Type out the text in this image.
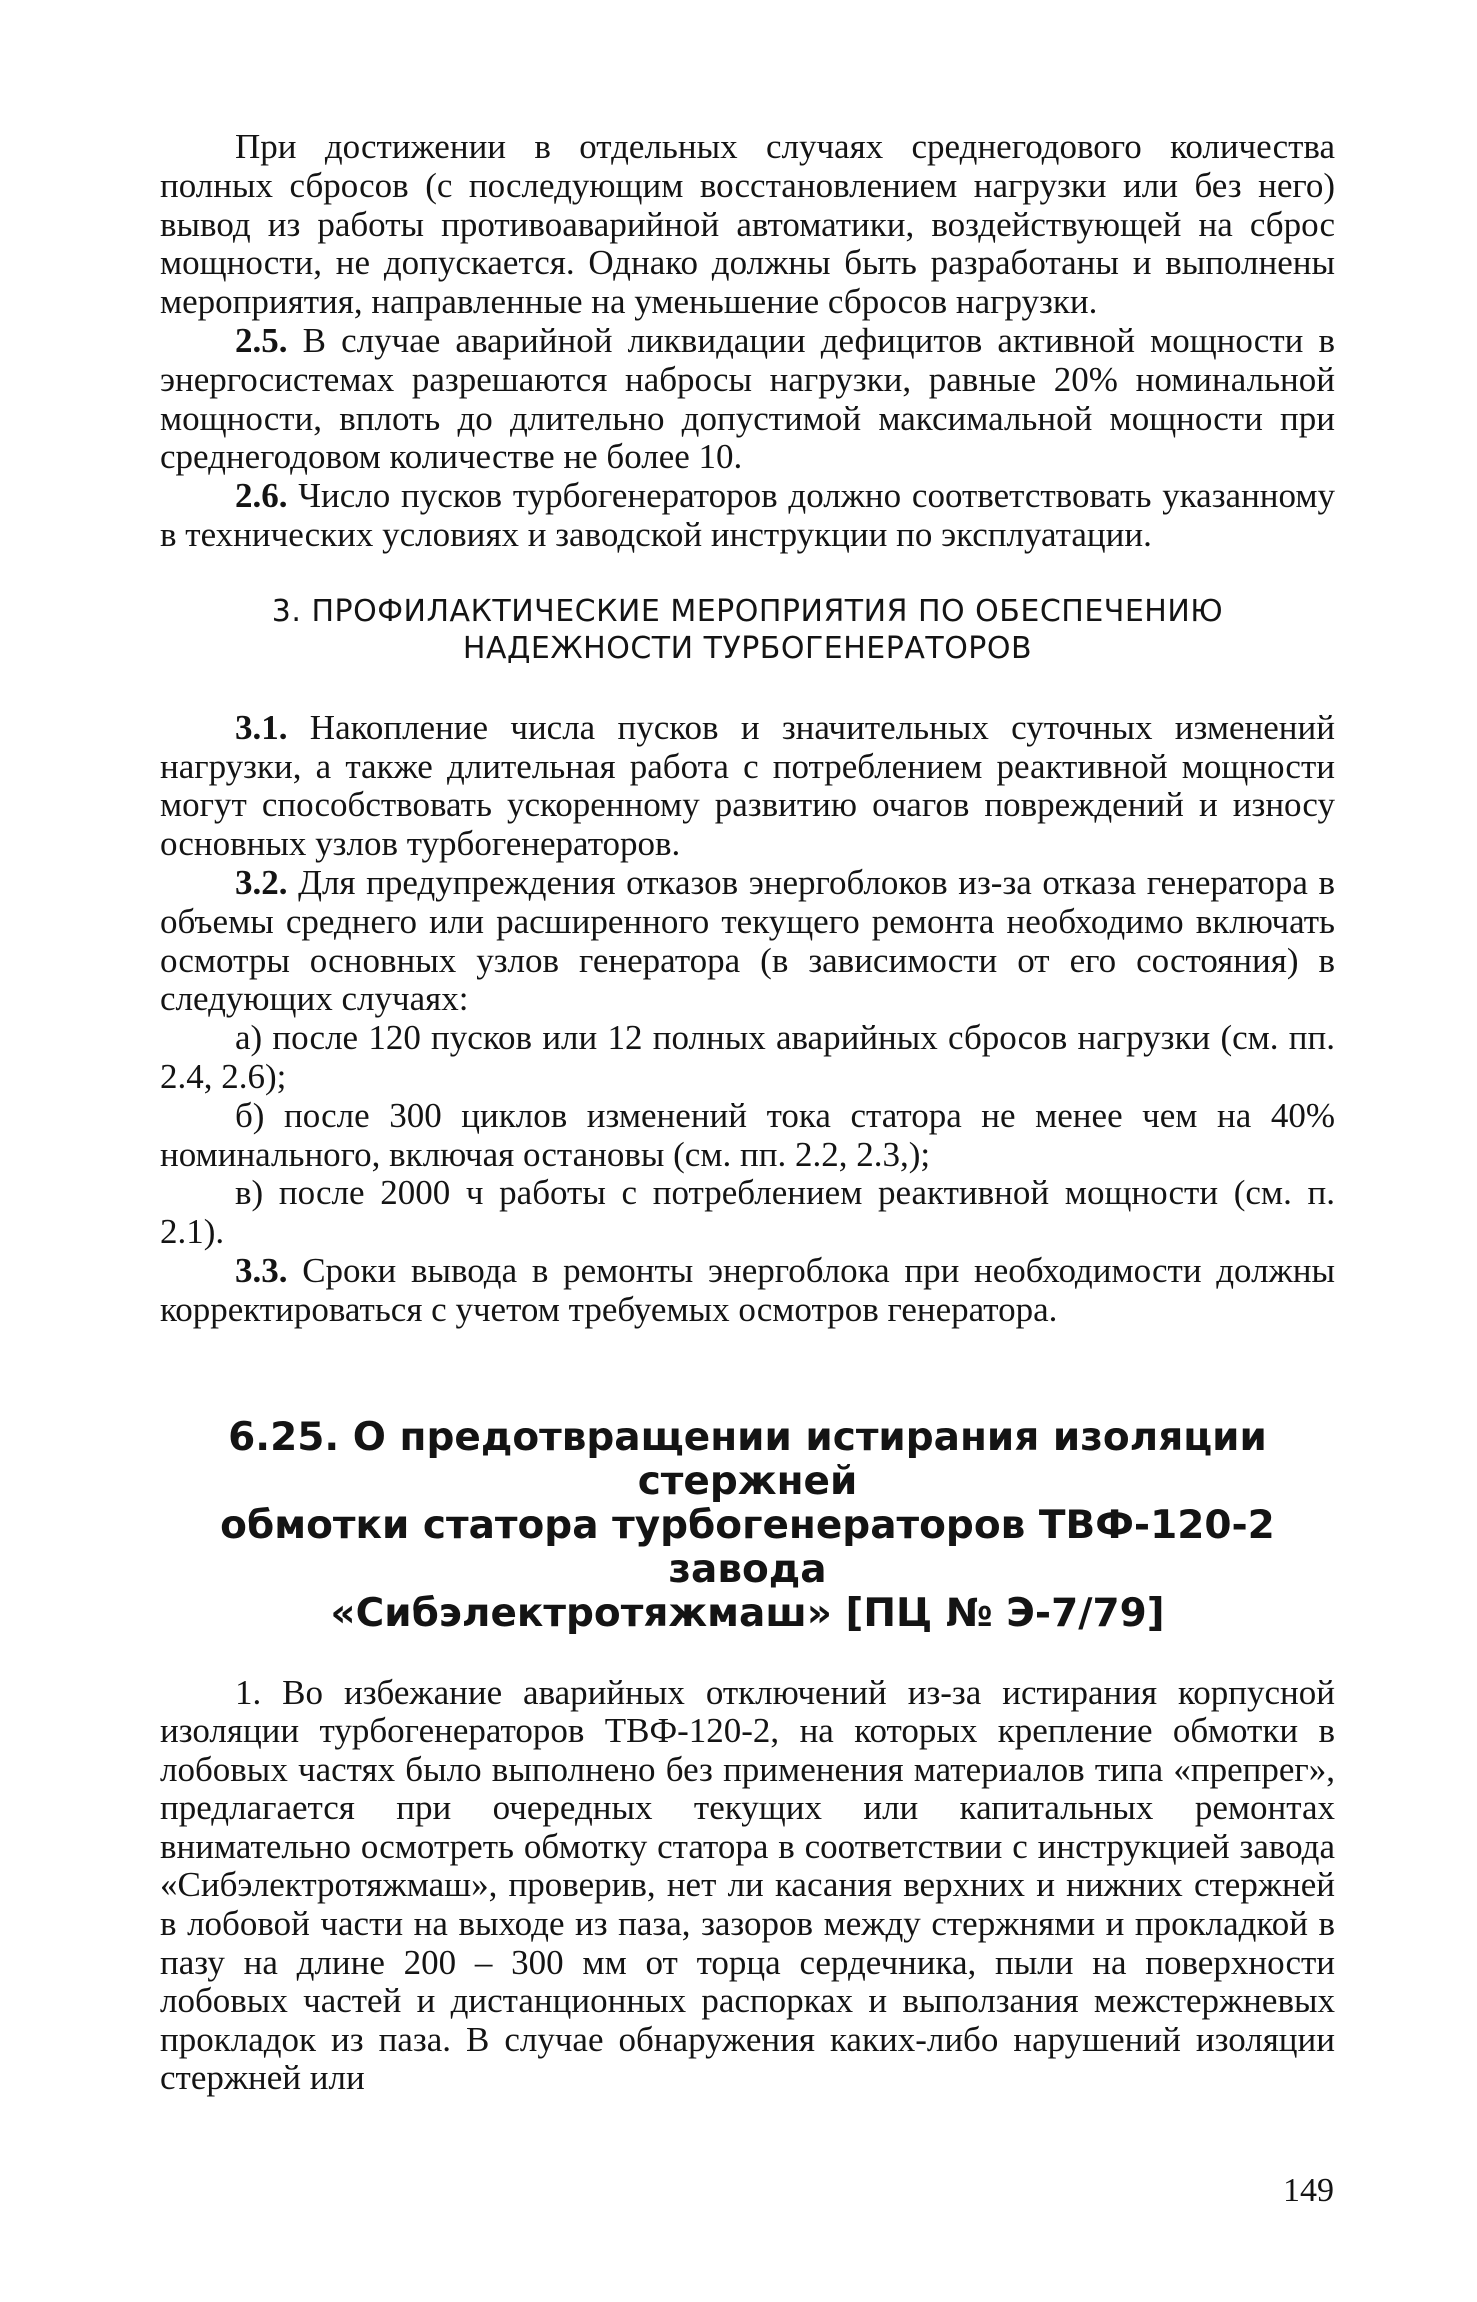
При достижении в отдельных случаях среднегодового количества полных сбросов (с последующим восстановлением нагрузки или без него) вывод из работы противоаварийной автоматики, воздействующей на сброс мощности, не допускается. Однако должны быть разработаны и выполнены мероприятия, направленные на уменьшение сбросов нагрузки.

2.5. В случае аварийной ликвидации дефицитов активной мощности в энергосистемах разрешаются набросы нагрузки, равные 20% номинальной мощности, вплоть до длительно допустимой максимальной мощности при среднегодовом количестве не более 10.

2.6. Число пусков турбогенераторов должно соответствовать указанному в технических условиях и заводской инструкции по эксплуатации.

3. ПРОФИЛАКТИЧЕСКИЕ МЕРОПРИЯТИЯ ПО ОБЕСПЕЧЕНИЮ
НАДЕЖНОСТИ ТУРБОГЕНЕРАТОРОВ

3.1. Накопление числа пусков и значительных суточных изменений нагрузки, а также длительная работа с потреблением реактивной мощности могут способствовать ускоренному развитию очагов повреждений и износу основных узлов турбогенераторов.

3.2. Для предупреждения отказов энергоблоков из-за отказа генератора в объемы среднего или расширенного текущего ремонта необходимо включать осмотры основных узлов генератора (в зависимости от его состояния) в следующих случаях:

а) после 120 пусков или 12 полных аварийных сбросов нагрузки (см. пп. 2.4, 2.6);

б) после 300 циклов изменений тока статора не менее чем на 40% номинального, включая остановы (см. пп. 2.2, 2.3,);

в) после 2000 ч работы с потреблением реактивной мощности (см. п. 2.1).

3.3. Сроки вывода в ремонты энергоблока при необходимости должны корректироваться с учетом требуемых осмотров генератора.

6.25. О предотвращении истирания изоляции стержней
обмотки статора турбогенераторов ТВФ-120-2 завода
«Сибэлектротяжмаш» [ПЦ № Э-7/79]

1. Во избежание аварийных отключений из-за истирания корпусной изоляции турбогенераторов ТВФ-120-2, на которых крепление обмотки в лобовых частях было выполнено без применения материалов типа «препрег», предлагается при очередных текущих или капитальных ремонтах внимательно осмотреть обмотку статора в соответствии с инструкцией завода «Сибэлектротяжмаш», проверив, нет ли касания верхних и нижних стержней в лобовой части на выходе из паза, зазоров между стержнями и прокладкой в пазу на длине 200 – 300 мм от торца сердечника, пыли на поверхности лобовых частей и дистанционных распорках и выползания межстержневых прокладок из паза. В случае обнаружения каких-либо нарушений изоляции стержней или

149
